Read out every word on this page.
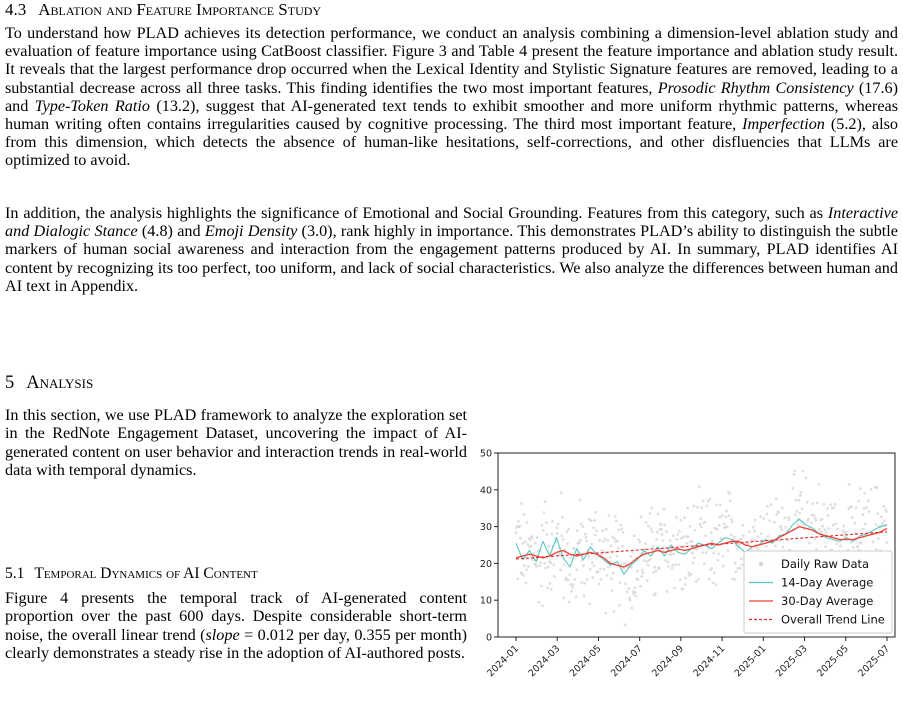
4.3 Ablation and Feature Importance Study
To understand how PLAD achieves its detection performance, we conduct an analysis combining a dimension-level ablation study and evaluation of feature importance using CatBoost classifier. Figure 3 and Table 4 present the feature importance and ablation study result. It reveals that the largest performance drop occurred when the Lexical Identity and Stylistic Signature features are removed, leading to a substantial decrease across all three tasks. This finding identifies the two most important features, Prosodic Rhythm Consistency (17.6) and Type-Token Ratio (13.2), suggest that AI-generated text tends to exhibit smoother and more uniform rhythmic patterns, whereas human writing often contains irregularities caused by cognitive processing. The third most important feature, Imperfection (5.2), also from this dimension, which detects the absence of human-like hesitations, self-corrections, and other disfluencies that LLMs are optimized to avoid.
In addition, the analysis highlights the significance of Emotional and Social Grounding. Features from this category, such as Interactive and Dialogic Stance (4.8) and Emoji Density (3.0), rank highly in importance. This demonstrates PLAD’s ability to distinguish the subtle markers of human social awareness and interaction from the engagement patterns produced by AI. In summary, PLAD identifies AI content by recognizing its too perfect, too uniform, and lack of social characteristics. We also analyze the differences between human and AI text in Appendix.
5 Analysis
In this section, we use PLAD framework to analyze the exploration set in the RedNote Engagement Dataset, uncovering the impact of AI-generated content on user behavior and interaction trends in real-world data with temporal dynamics.
5.1 Temporal Dynamics of AI Content
Figure 4 presents the temporal track of AI-generated content proportion over the past 600 days. Despite considerable short-term noise, the overall linear trend (slope = 0.012 per day, 0.355 per month) clearly demonstrates a steady rise in the adoption of AI-authored posts.
0
10
20
30
40
50
2024-01 2024-03 2024-05 2024-07 2024-09 2024-11 2025-01 2025-03 2025-05 2025-07
Daily Raw Data
14-Day Average
30-Day Average
Overall Trend Line
